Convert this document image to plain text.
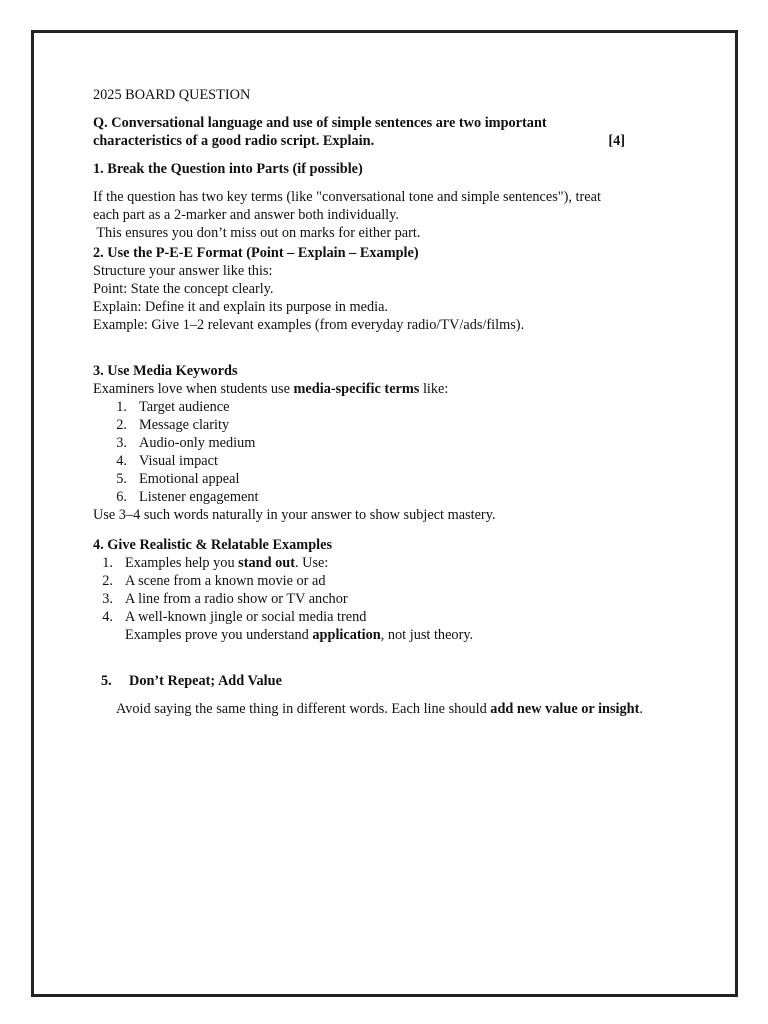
2025 BOARD QUESTION
Q. Conversational language and use of simple sentences are two important
characteristics of a good radio script. Explain.	[4]
1. Break the Question into Parts (if possible)
If the question has two key terms (like "conversational tone and simple sentences"), treat
each part as a 2-marker and answer both individually.
This ensures you don’t miss out on marks for either part.
2. Use the P-E-E Format (Point – Explain – Example)
Structure your answer like this:
Point: State the concept clearly.
Explain: Define it and explain its purpose in media.
Example: Give 1–2 relevant examples (from everyday radio/TV/ads/films).
3. Use Media Keywords
Examiners love when students use media-specific terms like:
1. Target audience
2. Message clarity
3. Audio-only medium
4. Visual impact
5. Emotional appeal
6. Listener engagement
Use 3–4 such words naturally in your answer to show subject mastery.
4. Give Realistic & Relatable Examples
1. Examples help you stand out. Use:
2. A scene from a known movie or ad
3. A line from a radio show or TV anchor
4. A well-known jingle or social media trend
Examples prove you understand application, not just theory.
5.	Don’t Repeat; Add Value
Avoid saying the same thing in different words. Each line should add new value or insight.
